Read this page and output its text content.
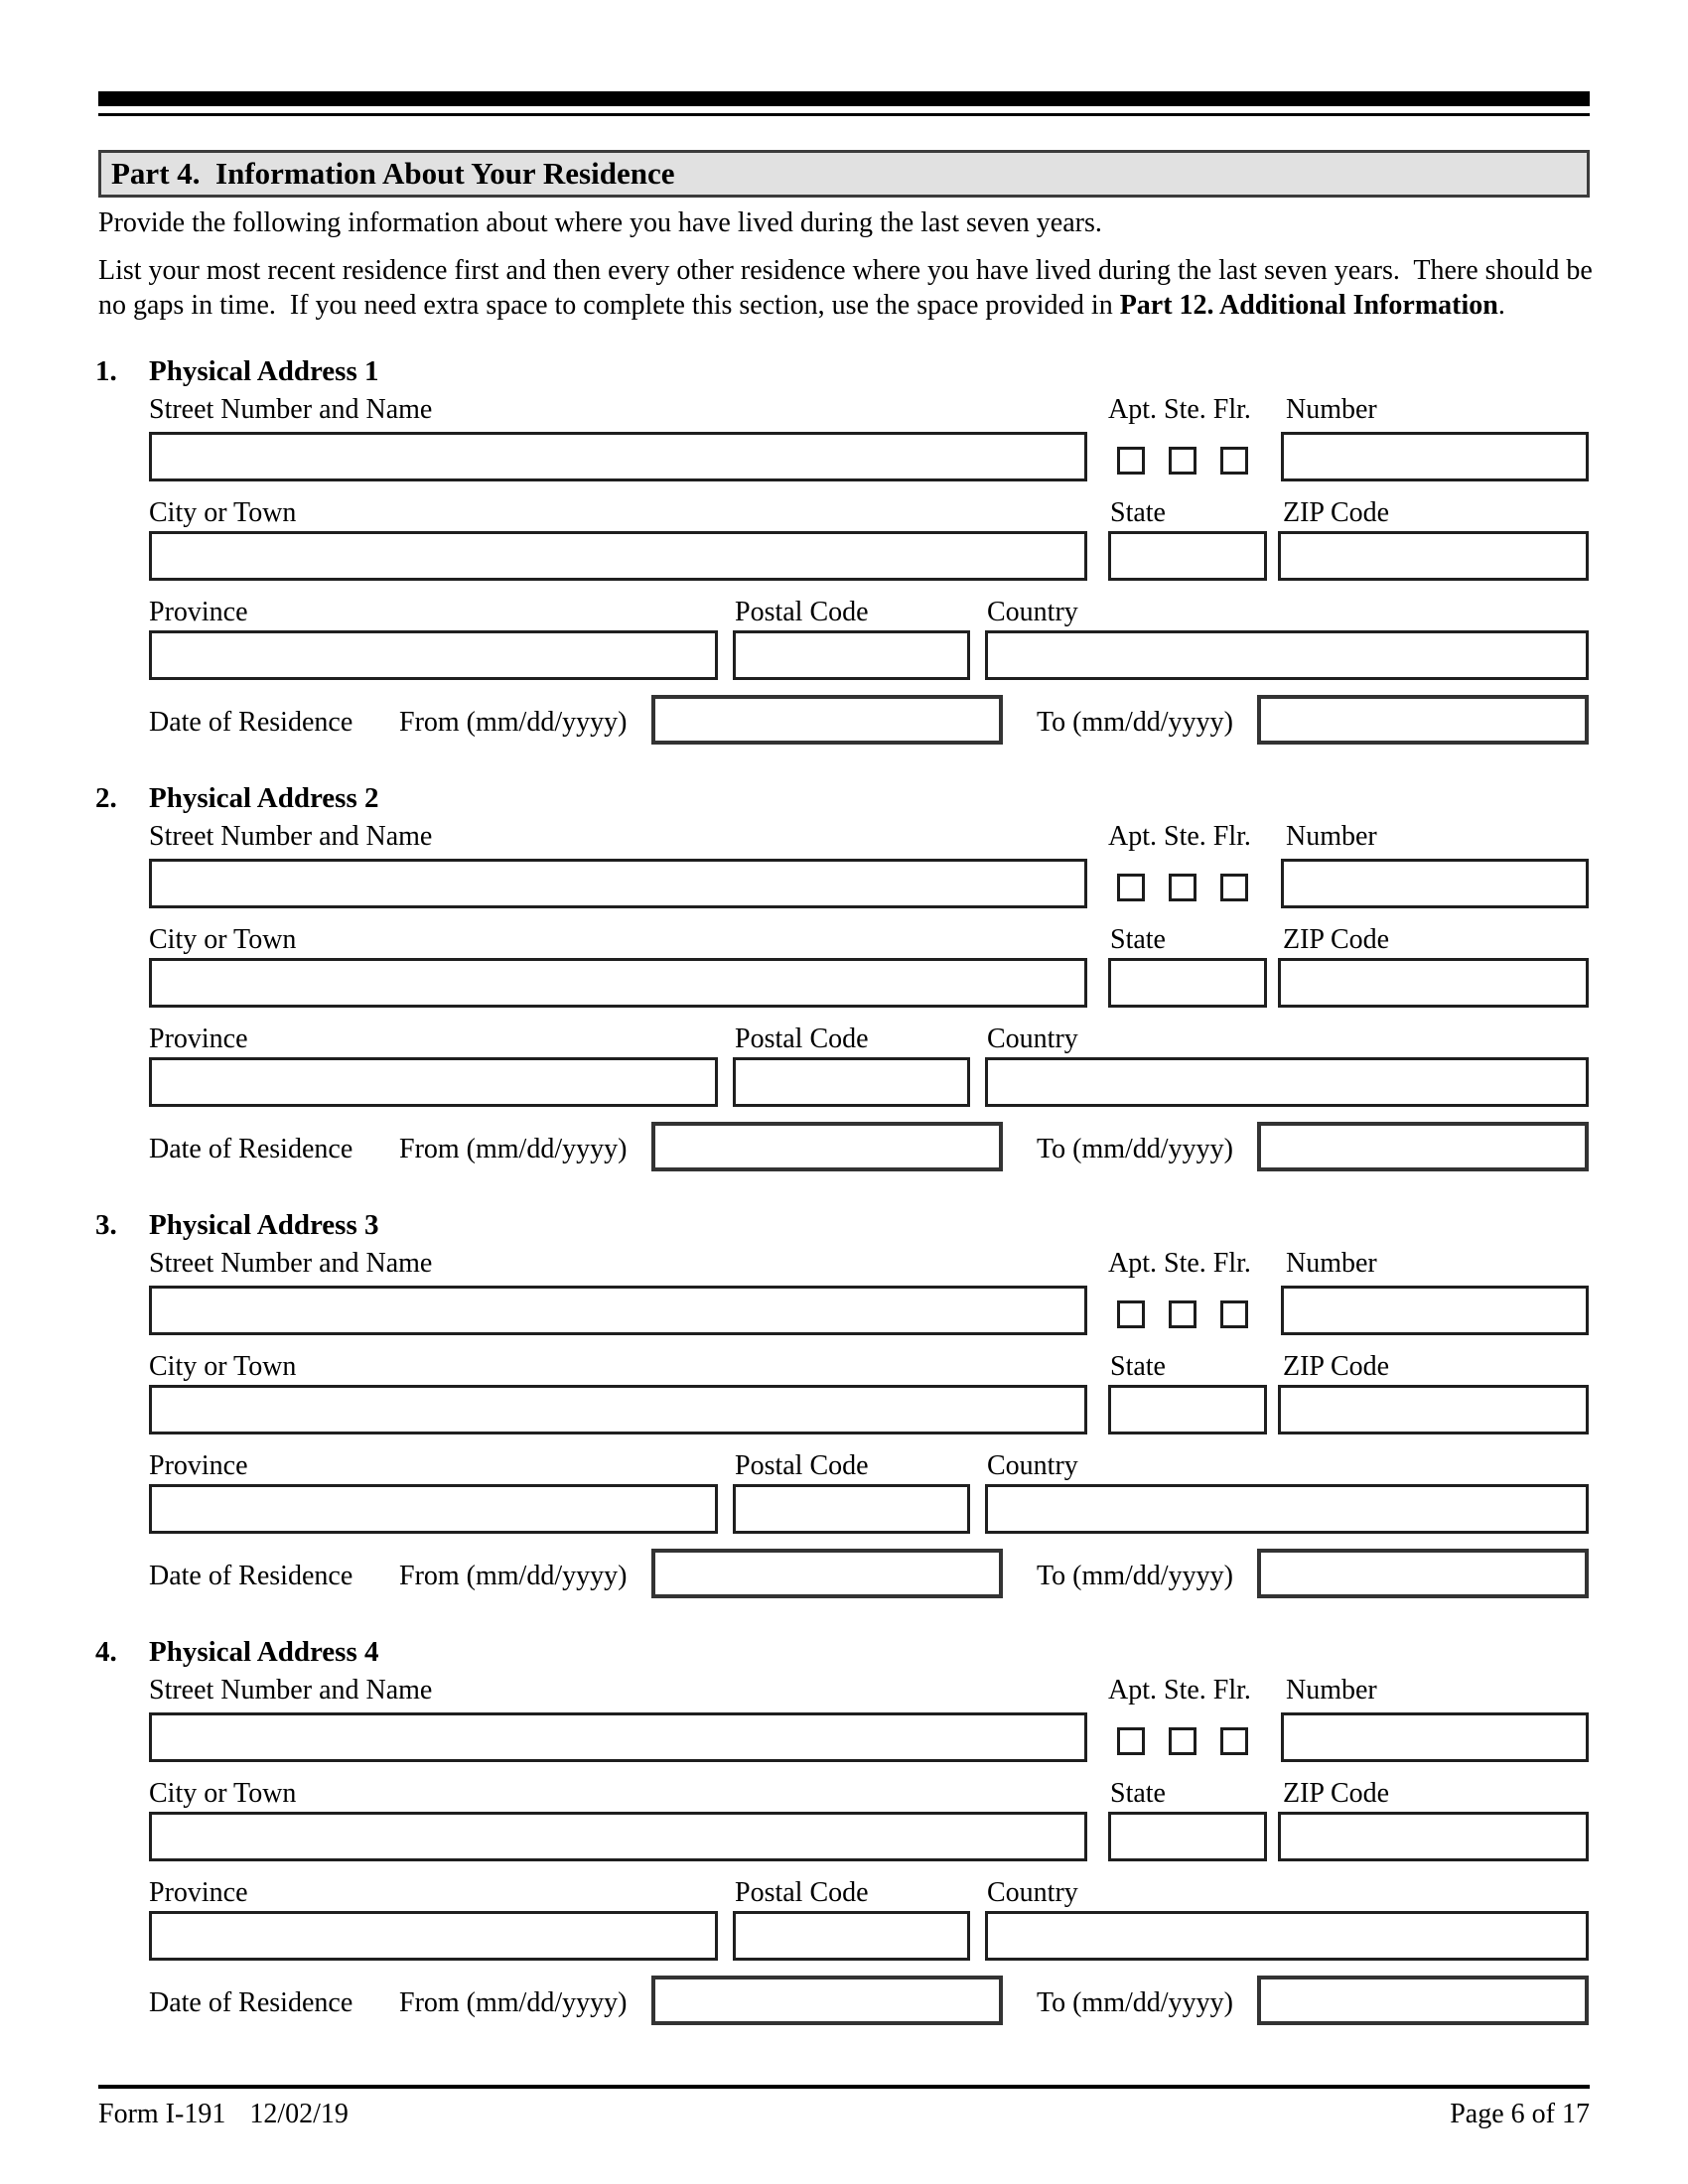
Part 4.  Information About Your Residence
Provide the following information about where you have lived during the last seven years.
List your most recent residence first and then every other residence where you have lived during the last seven years.  There should be
no gaps in time.  If you need extra space to complete this section, use the space provided in Part 12. Additional Information.
1. Physical Address 1
Street Number and Name	Apt. Ste. Flr. Number
City or Town	State	ZIP Code
Province	Postal Code	Country
Date of Residence From (mm/dd/yyyy)	To (mm/dd/yyyy)
2. Physical Address 2
Street Number and Name	Apt. Ste. Flr. Number
City or Town	State	ZIP Code
Province	Postal Code	Country
Date of Residence From (mm/dd/yyyy)	To (mm/dd/yyyy)
3. Physical Address 3
Street Number and Name	Apt. Ste. Flr. Number
City or Town	State	ZIP Code
Province	Postal Code	Country
Date of Residence From (mm/dd/yyyy)	To (mm/dd/yyyy)
4. Physical Address 4
Street Number and Name	Apt. Ste. Flr. Number
City or Town	State	ZIP Code
Province	Postal Code	Country
Date of Residence From (mm/dd/yyyy)	To (mm/dd/yyyy)
Form I-191 12/02/19	Page 6 of 17
